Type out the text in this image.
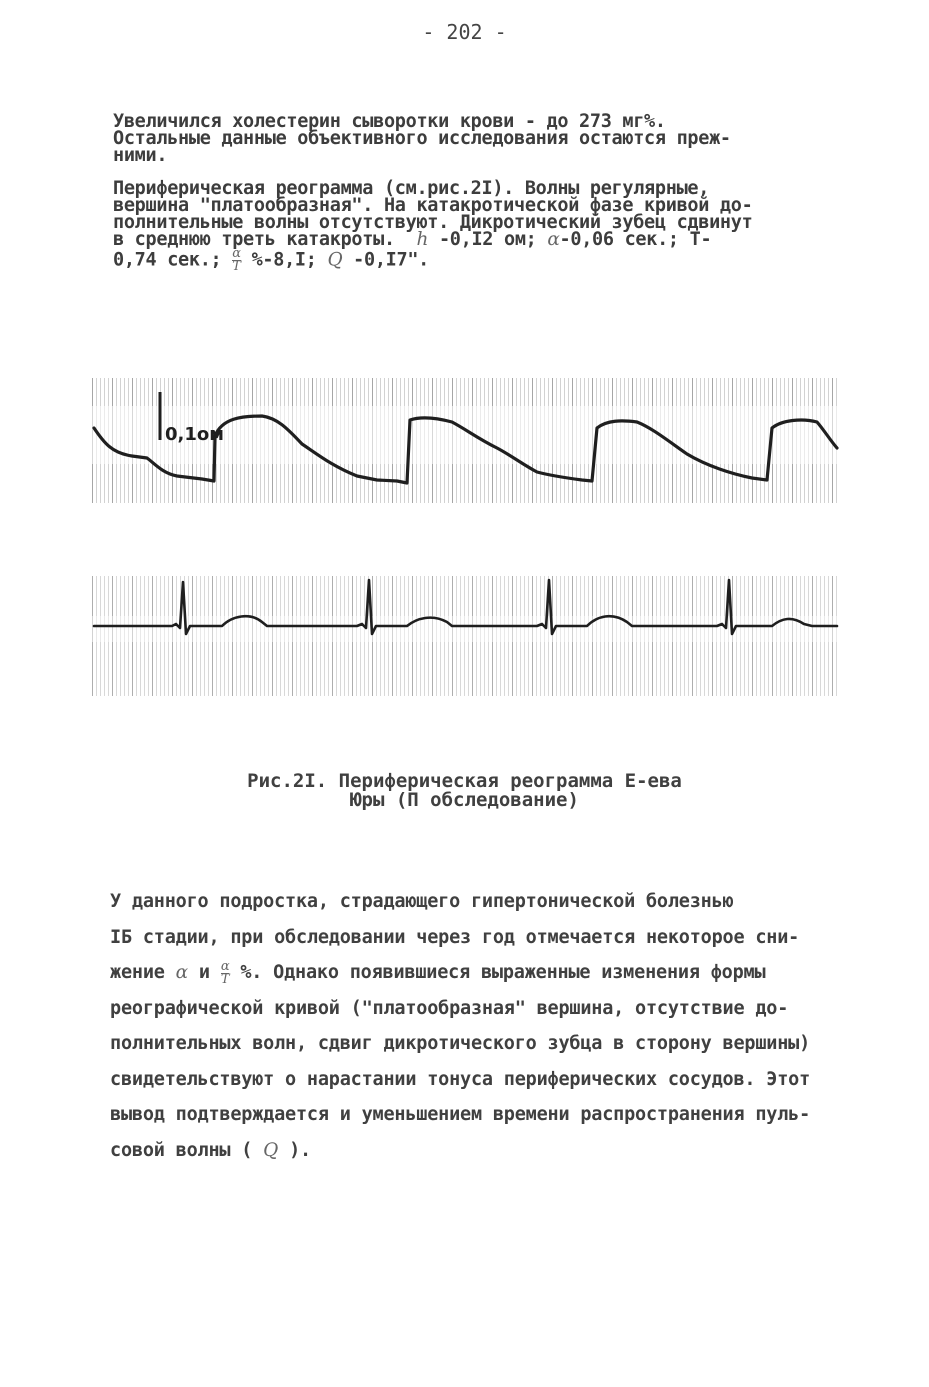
- 202 -
Увеличился холестерин сыворотки крови - до 273 мг%.
Остальные данные объективного исследования остаются преж-
ними.
Периферическая реограмма (см.рис.2I). Волны регулярные,
вершина "платообразная". На катакротической фазе кривой до-
полнительные волны отсутствуют. Дикротический зубец сдвинут
в среднюю треть катакроты. h -0,I2 ом; α-0,06 сек.; Т-
0,74 сек.; $\frac{\alpha}{T} \%-8,I$; Q -0,I7".
0,1ом
Рис.2I. Периферическая реограмма Е-ева
Юры (П обследование)
У данного подростка, страдающего гипертонической болезнью
IБ стадии, при обследовании через год отмечается некоторое сни-
жение α и $\frac{\alpha}{T}$ %. Однако появившиеся выраженные изменения формы
реографической кривой ("платообразная" вершина, отсутствие до-
полнительных волн, сдвиг дикротического зубца в сторону вершины)
свидетельствуют о нарастании тонуса периферических сосудов. Этот
вывод подтверждается и уменьшением времени распространения пуль-
совой волны ( Q ).
